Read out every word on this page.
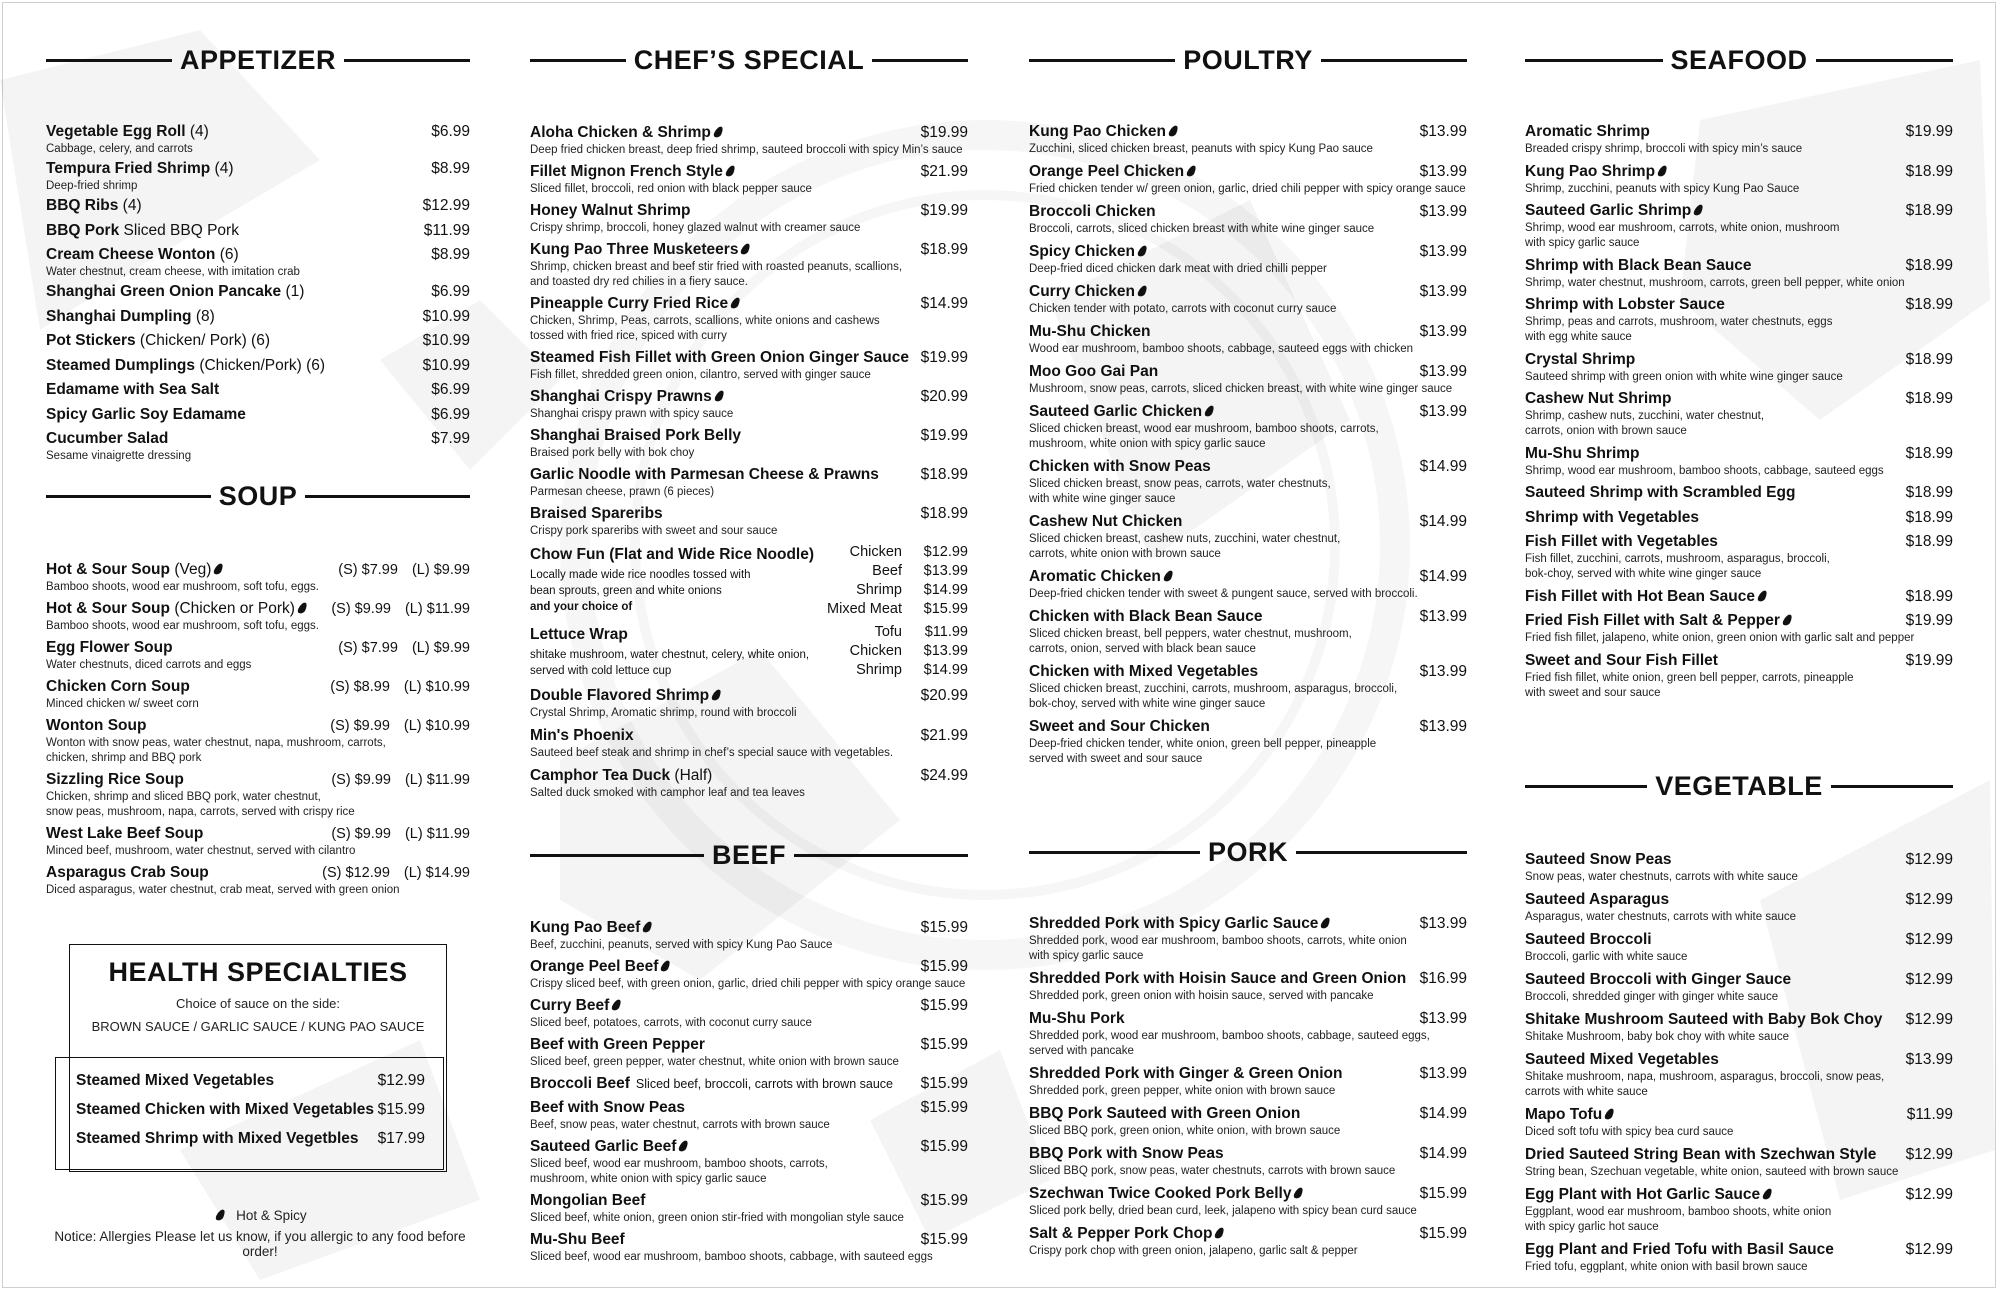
APPETIZER
Vegetable Egg Roll (4)	$6.99
Cabbage, celery, and carrots
Tempura Fried Shrimp (4)	$8.99
Deep-fried shrimp
BBQ Ribs (4)	$12.99
BBQ Pork Sliced BBQ Pork	$11.99
Cream Cheese Wonton (6)	$8.99
Water chestnut, cream cheese, with imitation crab
Shanghai Green Onion Pancake (1)	$6.99
Shanghai Dumpling (8)	$10.99
Pot Stickers (Chicken/ Pork) (6)	$10.99
Steamed Dumplings (Chicken/Pork) (6)	$10.99
Edamame with Sea Salt	$6.99
Spicy Garlic Soy Edamame	$6.99
Cucumber Salad	$7.99
Sesame vinaigrette dressing
SOUP
Hot & Sour Soup (Veg)	(S) $7.99 (L) $9.99
Bamboo shoots, wood ear mushroom, soft tofu, eggs.
Hot & Sour Soup (Chicken or Pork)	(S) $9.99 (L) $11.99
Bamboo shoots, wood ear mushroom, soft tofu, eggs.
Egg Flower Soup	(S) $7.99 (L) $9.99
Water chestnuts, diced carrots and eggs
Chicken Corn Soup	(S) $8.99 (L) $10.99
Minced chicken w/ sweet corn
Wonton Soup	(S) $9.99 (L) $10.99
Wonton with snow peas, water chestnut, napa, mushroom, carrots,
chicken, shrimp and BBQ pork
Sizzling Rice Soup	(S) $9.99 (L) $11.99
Chicken, shrimp and sliced BBQ pork, water chestnut,
snow peas, mushroom, napa, carrots, served with crispy rice
West Lake Beef Soup	(S) $9.99 (L) $11.99
Minced beef, mushroom, water chestnut, served with cilantro
Asparagus Crab Soup	(S) $12.99 (L) $14.99
Diced asparagus, water chestnut, crab meat, served with green onion
HEALTH SPECIALTIES
Choice of sauce on the side:
BROWN SAUCE / GARLIC SAUCE / KUNG PAO SAUCE
Steamed Mixed Vegetables	$12.99
Steamed Chicken with Mixed Vegetables $15.99
Steamed Shrimp with Mixed Vegetbles $17.99
Hot & Spicy
Notice: Allergies Please let us know, if you allergic to any food before order!
CHEF’S SPECIAL
Aloha Chicken & Shrimp	$19.99
Deep fried chicken breast, deep fried shrimp, sauteed broccoli with spicy Min’s sauce
Fillet Mignon French Style	$21.99
Sliced fillet, broccoli, red onion with black pepper sauce
Honey Walnut Shrimp	$19.99
Crispy shrimp, broccoli, honey glazed walnut with creamer sauce
Kung Pao Three Musketeers	$18.99
Shrimp, chicken breast and beef stir fried with roasted peanuts, scallions,
and toasted dry red chilies in a fiery sauce.
Pineapple Curry Fried Rice	$14.99
Chicken, Shrimp, Peas, carrots, scallions, white onions and cashews
tossed with fried rice, spiced with curry
Steamed Fish Fillet with Green Onion Ginger Sauce $19.99
Fish fillet, shredded green onion, cilantro, served with ginger sauce
Shanghai Crispy Prawns	$20.99
Shanghai crispy prawn with spicy sauce
Shanghai Braised Pork Belly	$19.99
Braised pork belly with bok choy
Garlic Noodle with Parmesan Cheese & Prawns	$18.99
Parmesan cheese, prawn (6 pieces)
Braised Spareribs	$18.99
Crispy pork spareribs with sweet and sour sauce
Chow Fun (Flat and Wide Rice Noodle)
Locally made wide rice noodles tossed with
bean sprouts, green and white onions
and your choice of
Chicken	$12.99
Beef	$13.99
Shrimp	$14.99
Mixed Meat	$15.99
Lettuce Wrap
shitake mushroom, water chestnut, celery, white onion,
served with cold lettuce cup
Tofu	$11.99
Chicken	$13.99
Shrimp	$14.99
Double Flavored Shrimp	$20.99
Crystal Shrimp, Aromatic shrimp, round with broccoli
Min's Phoenix	$21.99
Sauteed beef steak and shrimp in chef’s special sauce with vegetables.
Camphor Tea Duck (Half)	$24.99
Salted duck smoked with camphor leaf and tea leaves
BEEF
Kung Pao Beef	$15.99
Beef, zucchini, peanuts, served with spicy Kung Pao Sauce
Orange Peel Beef	$15.99
Crispy sliced beef, with green onion, garlic, dried chili pepper with spicy orange sauce
Curry Beef	$15.99
Sliced beef, potatoes, carrots, with coconut curry sauce
Beef with Green Pepper	$15.99
Sliced beef, green pepper, water chestnut, white onion with brown sauce
Broccoli Beef Sliced beef, broccoli, carrots with brown sauce $15.99
Beef with Snow Peas	$15.99
Beef, snow peas, water chestnut, carrots with brown sauce
Sauteed Garlic Beef	$15.99
Sliced beef, wood ear mushroom, bamboo shoots, carrots,
mushroom, white onion with spicy garlic sauce
Mongolian Beef	$15.99
Sliced beef, white onion, green onion stir-fried with mongolian style sauce
Mu-Shu Beef	$15.99
Sliced beef, wood ear mushroom, bamboo shoots, cabbage, with sauteed eggs
POULTRY
Kung Pao Chicken	$13.99
Zucchini, sliced chicken breast, peanuts with spicy Kung Pao sauce
Orange Peel Chicken	$13.99
Fried chicken tender w/ green onion, garlic, dried chili pepper with spicy orange sauce
Broccoli Chicken	$13.99
Broccoli, carrots, sliced chicken breast with white wine ginger sauce
Spicy Chicken	$13.99
Deep-fried diced chicken dark meat with dried chilli pepper
Curry Chicken	$13.99
Chicken tender with potato, carrots with coconut curry sauce
Mu-Shu Chicken	$13.99
Wood ear mushroom, bamboo shoots, cabbage, sauteed eggs with chicken
Moo Goo Gai Pan	$13.99
Mushroom, snow peas, carrots, sliced chicken breast, with white wine ginger sauce
Sauteed Garlic Chicken	$13.99
Sliced chicken breast, wood ear mushroom, bamboo shoots, carrots,
mushroom, white onion with spicy garlic sauce
Chicken with Snow Peas	$14.99
Sliced chicken breast, snow peas, carrots, water chestnuts,
with white wine ginger sauce
Cashew Nut Chicken	$14.99
Sliced chicken breast, cashew nuts, zucchini, water chestnut,
carrots, white onion with brown sauce
Aromatic Chicken	$14.99
Deep-fried chicken tender with sweet & pungent sauce, served with broccoli.
Chicken with Black Bean Sauce	$13.99
Sliced chicken breast, bell peppers, water chestnut, mushroom,
carrots, onion, served with black bean sauce
Chicken with Mixed Vegetables	$13.99
Sliced chicken breast, zucchini, carrots, mushroom, asparagus, broccoli,
bok-choy, served with white wine ginger sauce
Sweet and Sour Chicken	$13.99
Deep-fried chicken tender, white onion, green bell pepper, pineapple
served with sweet and sour sauce
PORK
Shredded Pork with Spicy Garlic Sauce	$13.99
Shredded pork, wood ear mushroom, bamboo shoots, carrots, white onion
with spicy garlic sauce
Shredded Pork with Hoisin Sauce and Green Onion $16.99
Shredded pork, green onion with hoisin sauce, served with pancake
Mu-Shu Pork	$13.99
Shredded pork, wood ear mushroom, bamboo shoots, cabbage, sauteed eggs,
served with pancake
Shredded Pork with Ginger & Green Onion	$13.99
Shredded pork, green pepper, white onion with brown sauce
BBQ Pork Sauteed with Green Onion	$14.99
Sliced BBQ pork, green onion, white onion, with brown sauce
BBQ Pork with Snow Peas	$14.99
Sliced BBQ pork, snow peas, water chestnuts, carrots with brown sauce
Szechwan Twice Cooked Pork Belly	$15.99
Sliced pork belly, dried bean curd, leek, jalapeno with spicy bean curd sauce
Salt & Pepper Pork Chop	$15.99
Crispy pork chop with green onion, jalapeno, garlic salt & pepper
SEAFOOD
Aromatic Shrimp	$19.99
Breaded crispy shrimp, broccoli with spicy min’s sauce
Kung Pao Shrimp	$18.99
Shrimp, zucchini, peanuts with spicy Kung Pao Sauce
Sauteed Garlic Shrimp	$18.99
Shrimp, wood ear mushroom, carrots, white onion, mushroom
with spicy garlic sauce
Shrimp with Black Bean Sauce	$18.99
Shrimp, water chestnut, mushroom, carrots, green bell pepper, white onion
Shrimp with Lobster Sauce	$18.99
Shrimp, peas and carrots, mushroom, water chestnuts, eggs
with egg white sauce
Crystal Shrimp	$18.99
Sauteed shrimp with green onion with white wine ginger sauce
Cashew Nut Shrimp	$18.99
Shrimp, cashew nuts, zucchini, water chestnut,
carrots, onion with brown sauce
Mu-Shu Shrimp	$18.99
Shrimp, wood ear mushroom, bamboo shoots, cabbage, sauteed eggs
Sauteed Shrimp with Scrambled Egg	$18.99
Shrimp with Vegetables	$18.99
Fish Fillet with Vegetables	$18.99
Fish fillet, zucchini, carrots, mushroom, asparagus, broccoli,
bok-choy, served with white wine ginger sauce
Fish Fillet with Hot Bean Sauce	$18.99
Fried Fish Fillet with Salt & Pepper	$19.99
Fried fish fillet, jalapeno, white onion, green onion with garlic salt and pepper
Sweet and Sour Fish Fillet	$19.99
Fried fish fillet, white onion, green bell pepper, carrots, pineapple
with sweet and sour sauce
VEGETABLE
Sauteed Snow Peas	$12.99
Snow peas, water chestnuts, carrots with white sauce
Sauteed Asparagus	$12.99
Asparagus, water chestnuts, carrots with white sauce
Sauteed Broccoli	$12.99
Broccoli, garlic with white sauce
Sauteed Broccoli with Ginger Sauce	$12.99
Broccoli, shredded ginger with ginger white sauce
Shitake Mushroom Sauteed with Baby Bok Choy $12.99
Shitake Mushroom, baby bok choy with white sauce
Sauteed Mixed Vegetables	$13.99
Shitake mushroom, napa, mushroom, asparagus, broccoli, snow peas,
carrots with white sauce
Mapo Tofu	$11.99
Diced soft tofu with spicy bea curd sauce
Dried Sauteed String Bean with Szechwan Style $12.99
String bean, Szechuan vegetable, white onion, sauteed with brown sauce
Egg Plant with Hot Garlic Sauce	$12.99
Eggplant, wood ear mushroom, bamboo shoots, white onion
with spicy garlic hot sauce
Egg Plant and Fried Tofu with Basil Sauce	$12.99
Fried tofu, eggplant, white onion with basil brown sauce
